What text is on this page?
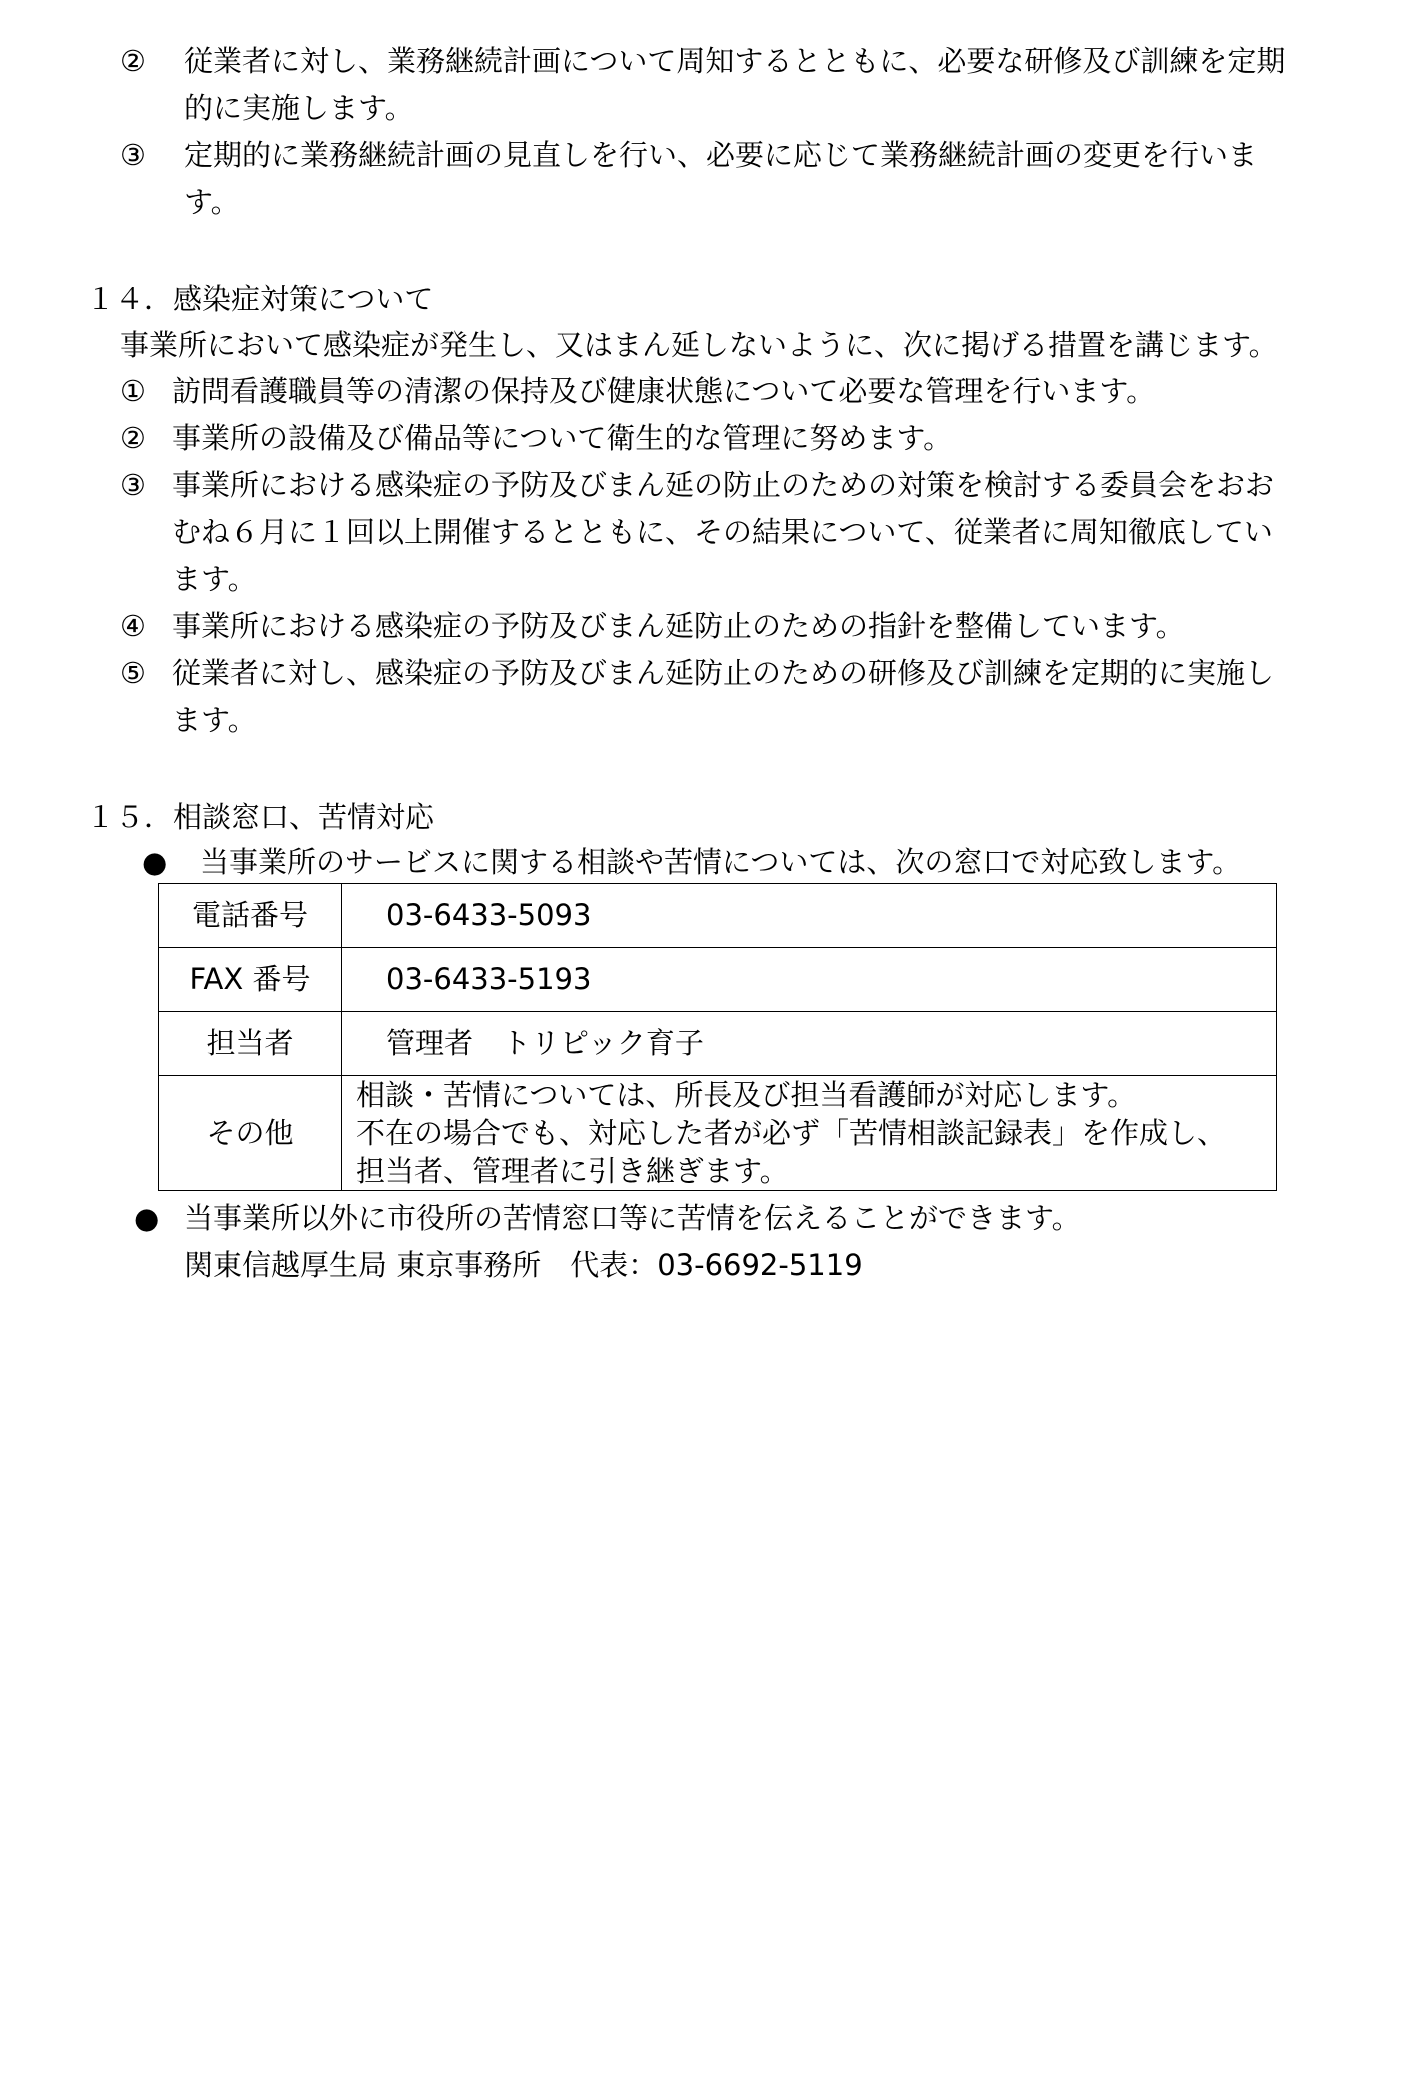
② 従業者に対し、業務継続計画について周知するとともに、必要な研修及び訓練を定期
的に実施します。
③ 定期的に業務継続計画の見直しを行い、必要に応じて業務継続計画の変更を行いま
す。
１４．感染症対策について
事業所において感染症が発生し、又はまん延しないように、次に掲げる措置を講じます。
① 訪問看護職員等の清潔の保持及び健康状態について必要な管理を行います。
② 事業所の設備及び備品等について衛生的な管理に努めます。
③ 事業所における感染症の予防及びまん延の防止のための対策を検討する委員会をおお
むね６月に１回以上開催するとともに、その結果について、従業者に周知徹底してい
ます。
④ 事業所における感染症の予防及びまん延防止のための指針を整備しています。
⑤ 従業者に対し、感染症の予防及びまん延防止のための研修及び訓練を定期的に実施し
ます。
１５．相談窓口、苦情対応
● 当事業所のサービスに関する相談や苦情については、次の窓口で対応致します。
電話番号	03-6433-5093
FAX 番号	03-6433-5193
担当者	管理者　トリピック育子
その他	相談・苦情については、所長及び担当看護師が対応します。
不在の場合でも、対応した者が必ず「苦情相談記録表」を作成し、
担当者、管理者に引き継ぎます。
● 当事業所以外に市役所の苦情窓口等に苦情を伝えることができます。
関東信越厚生局 東京事務所　代表：03-6692-5119
